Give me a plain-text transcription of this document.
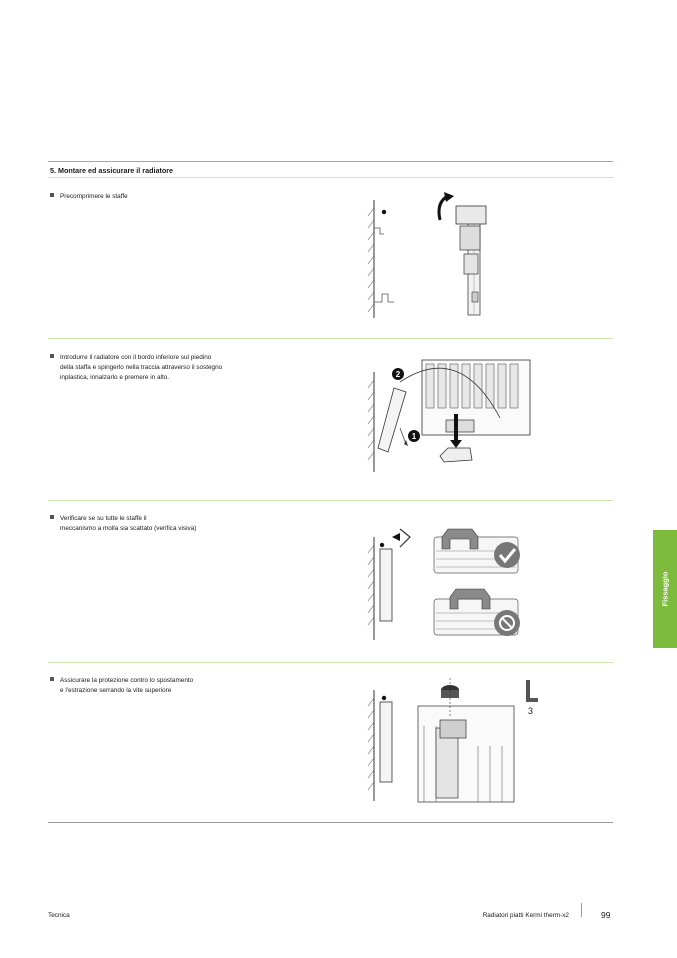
5. Montare ed assicurare il radiatore
Precomprimere le staffe
Introdurre il radiatore con il bordo inferiore sul piedino
della staffa e spingerlo nella traccia attraverso il sostegno
inplastica, innalzarlo e premere in alto.	2
1
Verificare se su tutte le staffe il
meccanismo a molla sia scattato (verifica visiva)
Assicurare la protezione contro lo spostamento
e l'estrazione serrando la vite superiore
3
Fissaggio
Tecnica	Radiatori piatti Kermi therm-x2	99
